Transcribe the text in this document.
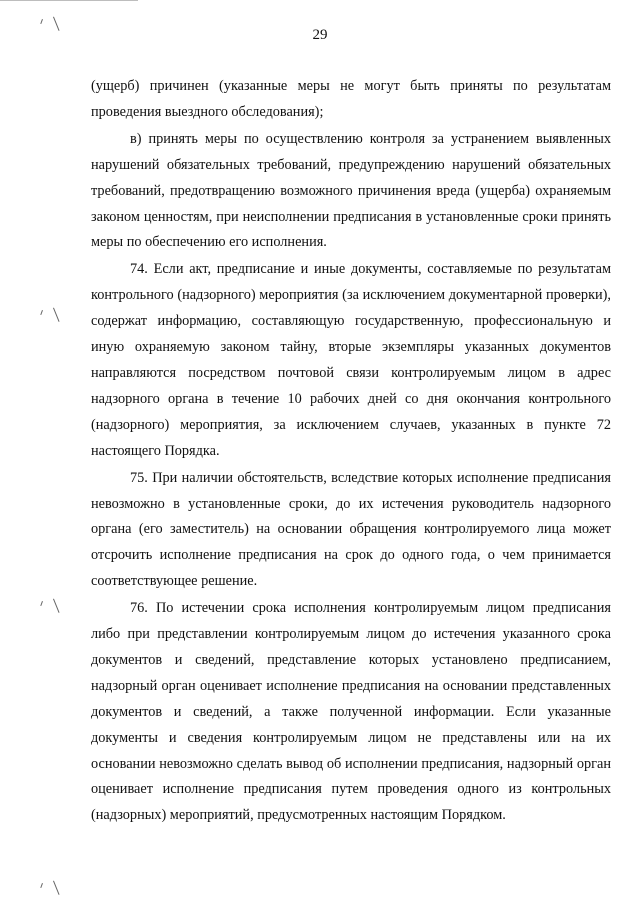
29

(ущерб) причинен (указанные меры не могут быть приняты по результатам проведения выездного обследования);

в) принять меры по осуществлению контроля за устранением выявленных нарушений обязательных требований, предупреждению нарушений обязательных требований, предотвращению возможного причинения вреда (ущерба) охраняемым законом ценностям, при неисполнении предписания в установленные сроки принять меры по обеспечению его исполнения.

74. Если акт, предписание и иные документы, составляемые по результатам контрольного (надзорного) мероприятия (за исключением документарной проверки), содержат информацию, составляющую государственную, профессиональную и иную охраняемую законом тайну, вторые экземпляры указанных документов направляются посредством почтовой связи контролируемым лицом в адрес надзорного органа в течение 10 рабочих дней со дня окончания контрольного (надзорного) мероприятия, за исключением случаев, указанных в пункте 72 настоящего Порядка.

75. При наличии обстоятельств, вследствие которых исполнение предписания невозможно в установленные сроки, до их истечения руководитель надзорного органа (его заместитель) на основании обращения контролируемого лица может отсрочить исполнение предписания на срок до одного года, о чем принимается соответствующее решение.

76. По истечении срока исполнения контролируемым лицом предписания либо при представлении контролируемым лицом до истечения указанного срока документов и сведений, представление которых установлено предписанием, надзорный орган оценивает исполнение предписания на основании представленных документов и сведений, а также полученной информации. Если указанные документы и сведения контролируемым лицом не представлены или на их основании невозможно сделать вывод об исполнении предписания, надзорный орган оценивает исполнение предписания путем проведения одного из контрольных (надзорных) мероприятий, предусмотренных настоящим Порядком.
